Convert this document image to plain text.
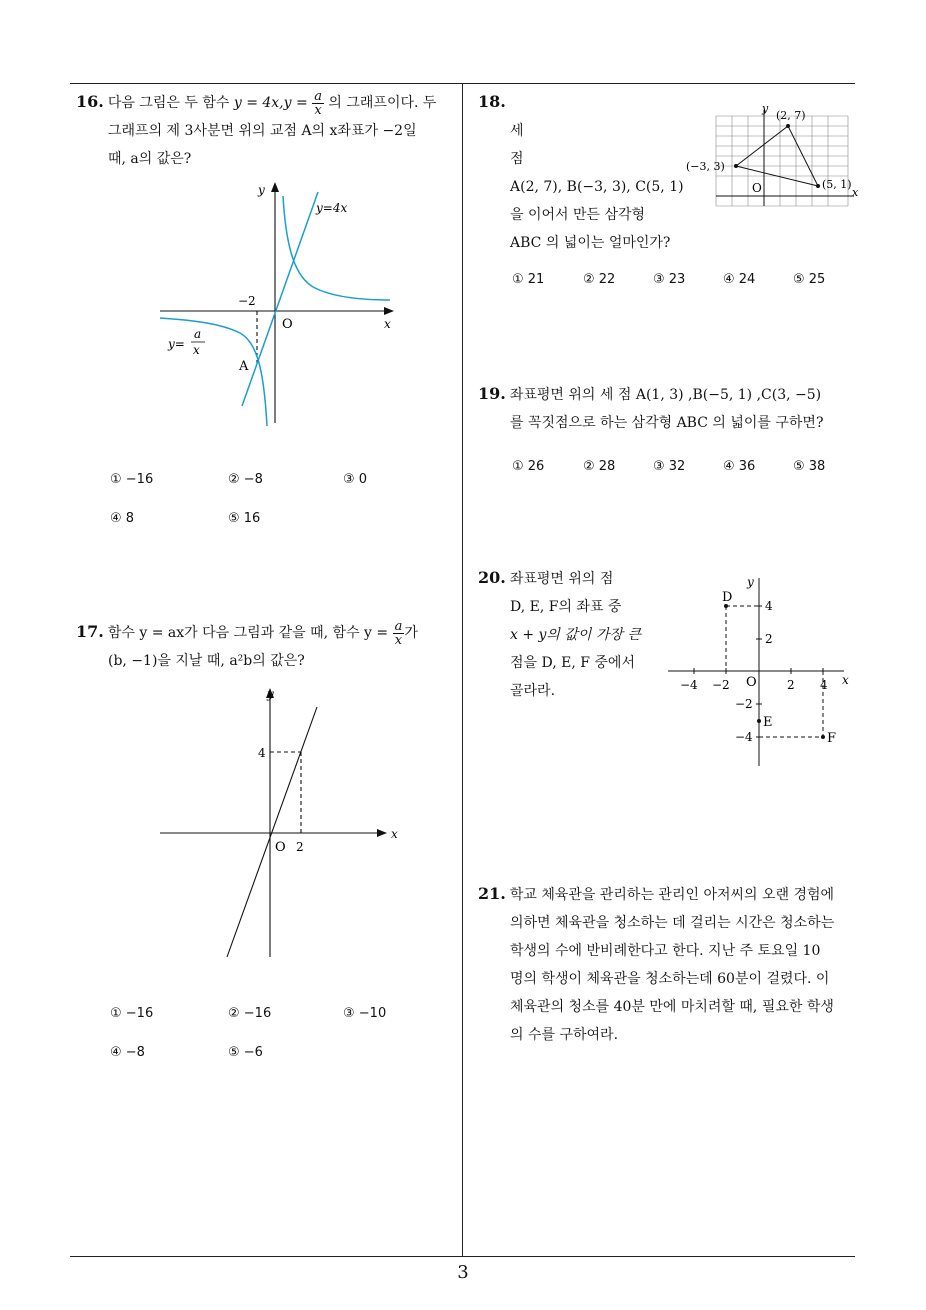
16. 다음 그림은 두 함수 $y = 4x,y = \frac{a}{x}$ 의 그래프이다. 두
그래프의 제 3사분면 위의 교점 A의 x좌표가 −2일
때, a의 값은?
y
x
O
−2
y=4x
y=
a
x
A
① −16	② −8	③ 0
④ 8	⑤ 16
17. 함수 y = ax가 다음 그림과 같을 때, 함수 $y = \frac{a}{x}$ 가
(b, −1)을 지날 때, a²b의 값은?
y
x
O 2
4
① −16	② −16	③ −10
④ −8	⑤ −6
18.
세
점
A(2, 7), B(−3, 3), C(5, 1)
을 이어서 만든 삼각형
ABC 의 넓이는 얼마인가?
y
x
O
(2, 7)
(−3, 3)
(5, 1)
① 21	② 22	③ 23	④ 24	⑤ 25
19. 좌표평면 위의 세 점 A(1, 3) ,B(−5, 1) ,C(3, −5)
를 꼭짓점으로 하는 삼각형 ABC 의 넓이를 구하면?
① 26	② 28	③ 32	④ 36	⑤ 38
20. 좌표평면 위의 점
D, E, F의 좌표 중
x + y의 값이 가장 큰
점을 D, E, F 중에서
골라라.
y
x
O
D
E
F
−4 −2	2 4
4
2
−2
−4
21. 학교 체육관을 관리하는 관리인 아저씨의 오랜 경험에
의하면 체육관을 청소하는 데 걸리는 시간은 청소하는
학생의 수에 반비례한다고 한다. 지난 주 토요일 10
명의 학생이 체육관을 청소하는데 60분이 걸렸다. 이
체육관의 청소를 40분 만에 마치려할 때, 필요한 학생
의 수를 구하여라.
3
